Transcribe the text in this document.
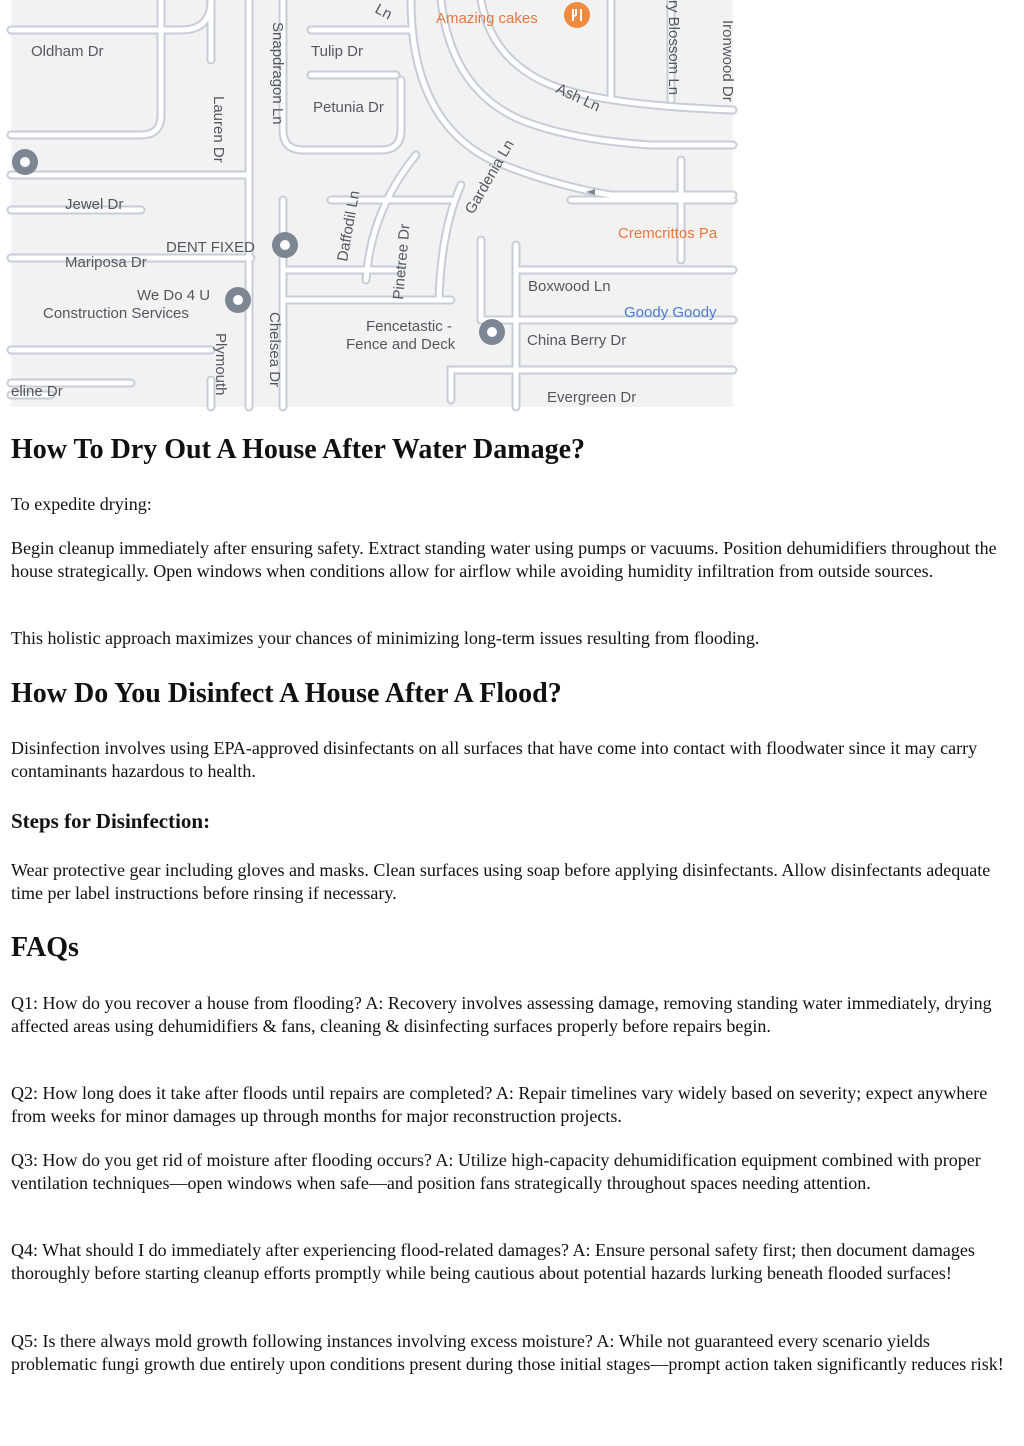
Oldham Dr	Tulip Dr
Petunia Dr
Snapdragon Ln
Lauren Dr
Jewel Dr
Mariposa Dr	Daffodil Ln Pinetree Dr
Gardenia Ln
Ash Ln
ry Blossom Ln Ironwood Dr
Boxwood Ln
China Berry Dr
Evergreen Dr
Chelsea Dr
Plymouth
eline Dr
Ln	Amazing cakes
DENT FIXED
We Do 4 U
Construction Services
Fencetastic -
Fence and Deck
Cremcrittos Pa
Goody Goody
How To Dry Out A House After Water Damage?

To expedite drying:

Begin cleanup immediately after ensuring safety. Extract standing water using pumps or vacuums. Position dehumidifiers throughout the house strategically. Open windows when conditions allow for airflow while avoiding humidity infiltration from outside sources.

This holistic approach maximizes your chances of minimizing long-term issues resulting from flooding.

How Do You Disinfect A House After A Flood?

Disinfection involves using EPA-approved disinfectants on all surfaces that have come into contact with floodwater since it may carry contaminants hazardous to health.

Steps for Disinfection:

Wear protective gear including gloves and masks. Clean surfaces using soap before applying disinfectants. Allow disinfectants adequate time per label instructions before rinsing if necessary.

FAQs

Q1: How do you recover a house from flooding? A: Recovery involves assessing damage, removing standing water immediately, drying affected areas using dehumidifiers & fans, cleaning & disinfecting surfaces properly before repairs begin.

Q2: How long does it take after floods until repairs are completed? A: Repair timelines vary widely based on severity; expect anywhere from weeks for minor damages up through months for major reconstruction projects.

Q3: How do you get rid of moisture after flooding occurs? A: Utilize high-capacity dehumidification equipment combined with proper ventilation techniques—open windows when safe—and position fans strategically throughout spaces needing attention.

Q4: What should I do immediately after experiencing flood-related damages? A: Ensure personal safety first; then document damages thoroughly before starting cleanup efforts promptly while being cautious about potential hazards lurking beneath flooded surfaces!

Q5: Is there always mold growth following instances involving excess moisture? A: While not guaranteed every scenario yields problematic fungi growth due entirely upon conditions present during those initial stages—prompt action taken significantly reduces risk!
